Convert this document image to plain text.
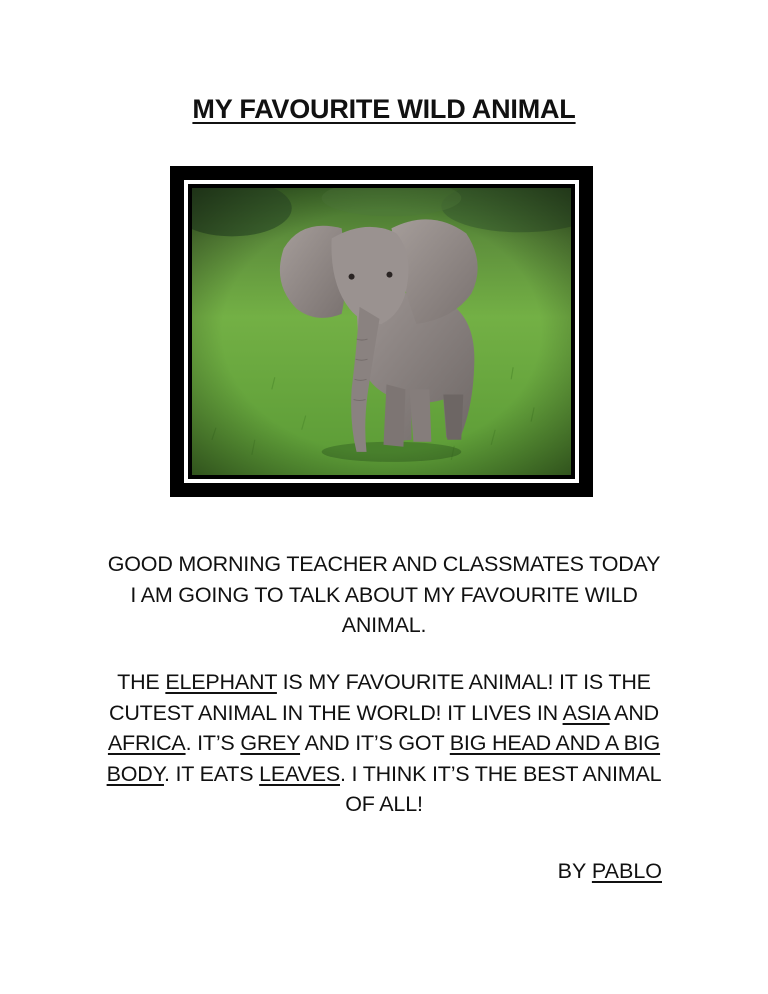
MY FAVOURITE WILD ANIMAL

GOOD MORNING TEACHER AND CLASSMATES TODAY I AM GOING TO TALK ABOUT MY FAVOURITE WILD ANIMAL.

THE ELEPHANT IS MY FAVOURITE ANIMAL! IT IS THE CUTEST ANIMAL IN THE WORLD! IT LIVES IN ASIA AND AFRICA. IT’S GREY AND IT’S GOT BIG HEAD AND A BIG BODY. IT EATS LEAVES. I THINK IT’S THE BEST ANIMAL OF ALL!

BY PABLO
